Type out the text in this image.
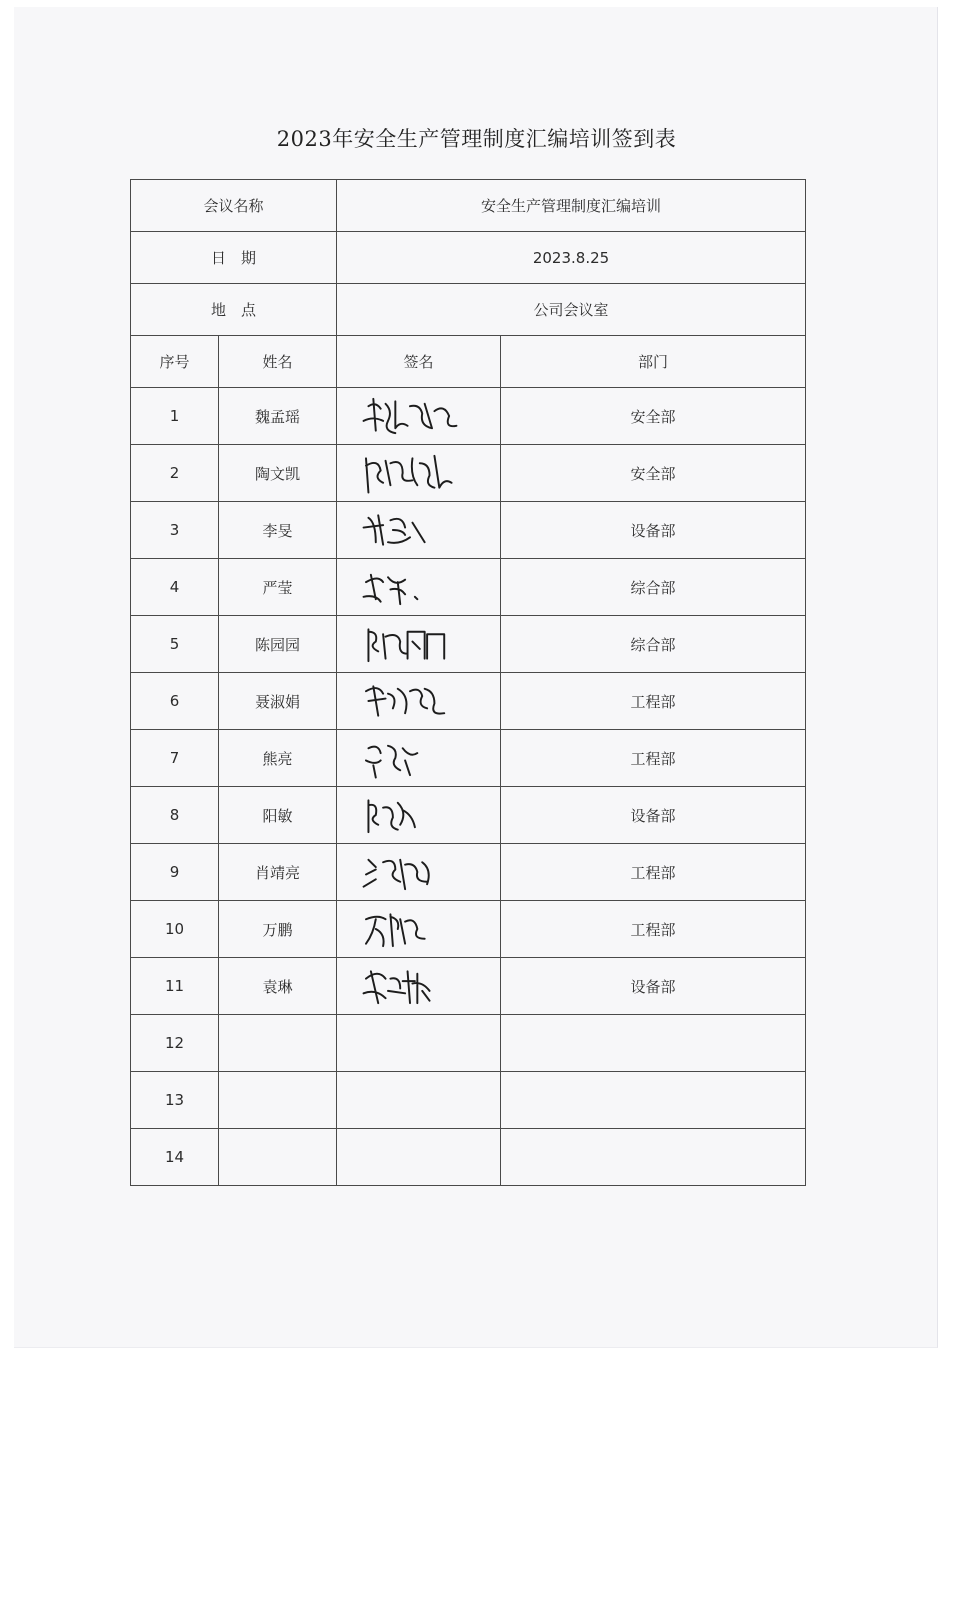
2023年安全生产管理制度汇编培训签到表
会议名称		安全生产管理制度汇编培训	
日　期		2023.8.25	
地　点		公司会议室	
序号	姓名	签名	部门
1	魏孟瑶		安全部
2	陶文凯		安全部
3	李旻		设备部
4	严莹		综合部
5	陈园园		综合部
6	聂淑娟		工程部
7	熊亮		工程部
8	阳敏		设备部
9	肖靖亮		工程部
10	万鹏		工程部
11	袁琳		设备部
12			
13			
14			
